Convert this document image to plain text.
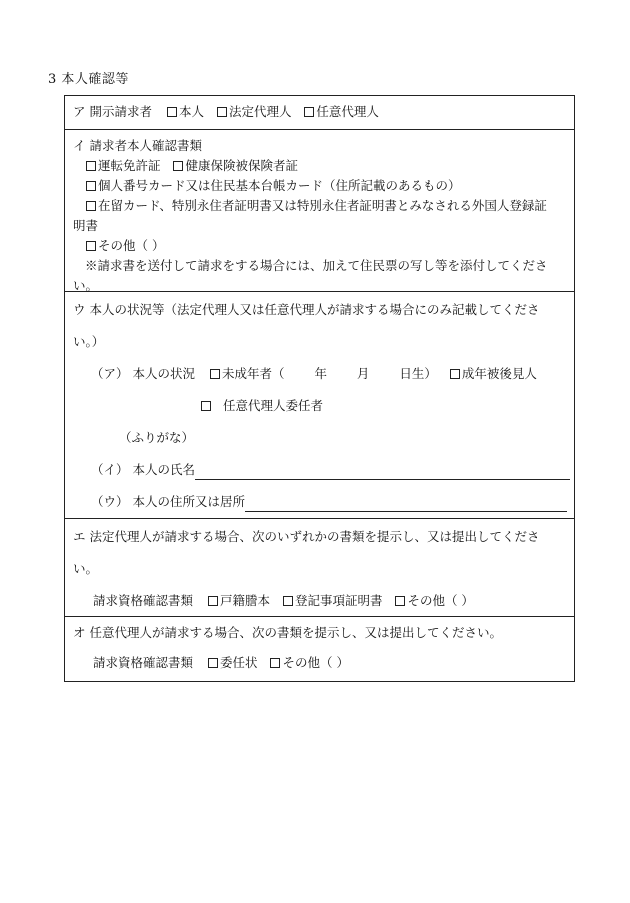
3 本人確認等
ア 開示請求者 本人 法定代理人 任意代理人
イ 請求者本人確認書類
運転免許証 健康保険被保険者証
個人番号カード又は住民基本台帳カード（住所記載のあるもの）
在留カード、特別永住者証明書又は特別永住者証明書とみなされる外国人登録証
明書
その他（ ）
※請求書を送付して請求をする場合には、加えて住民票の写し等を添付してくださ
い。
ウ 本人の状況等（法定代理人又は任意代理人が請求する場合にのみ記載してくださ
い。）
（ア） 本人の状況 未成年者（ 年 月 日生） 成年被後見人
任意代理人委任者
（ふりがな）
（イ） 本人の氏名
（ウ） 本人の住所又は居所
エ 法定代理人が請求する場合、次のいずれかの書類を提示し、又は提出してくださ
い。
請求資格確認書類 戸籍謄本 登記事項証明書 その他（ ）
オ 任意代理人が請求する場合、次の書類を提示し、又は提出してください。
請求資格確認書類 委任状 その他（ ）
